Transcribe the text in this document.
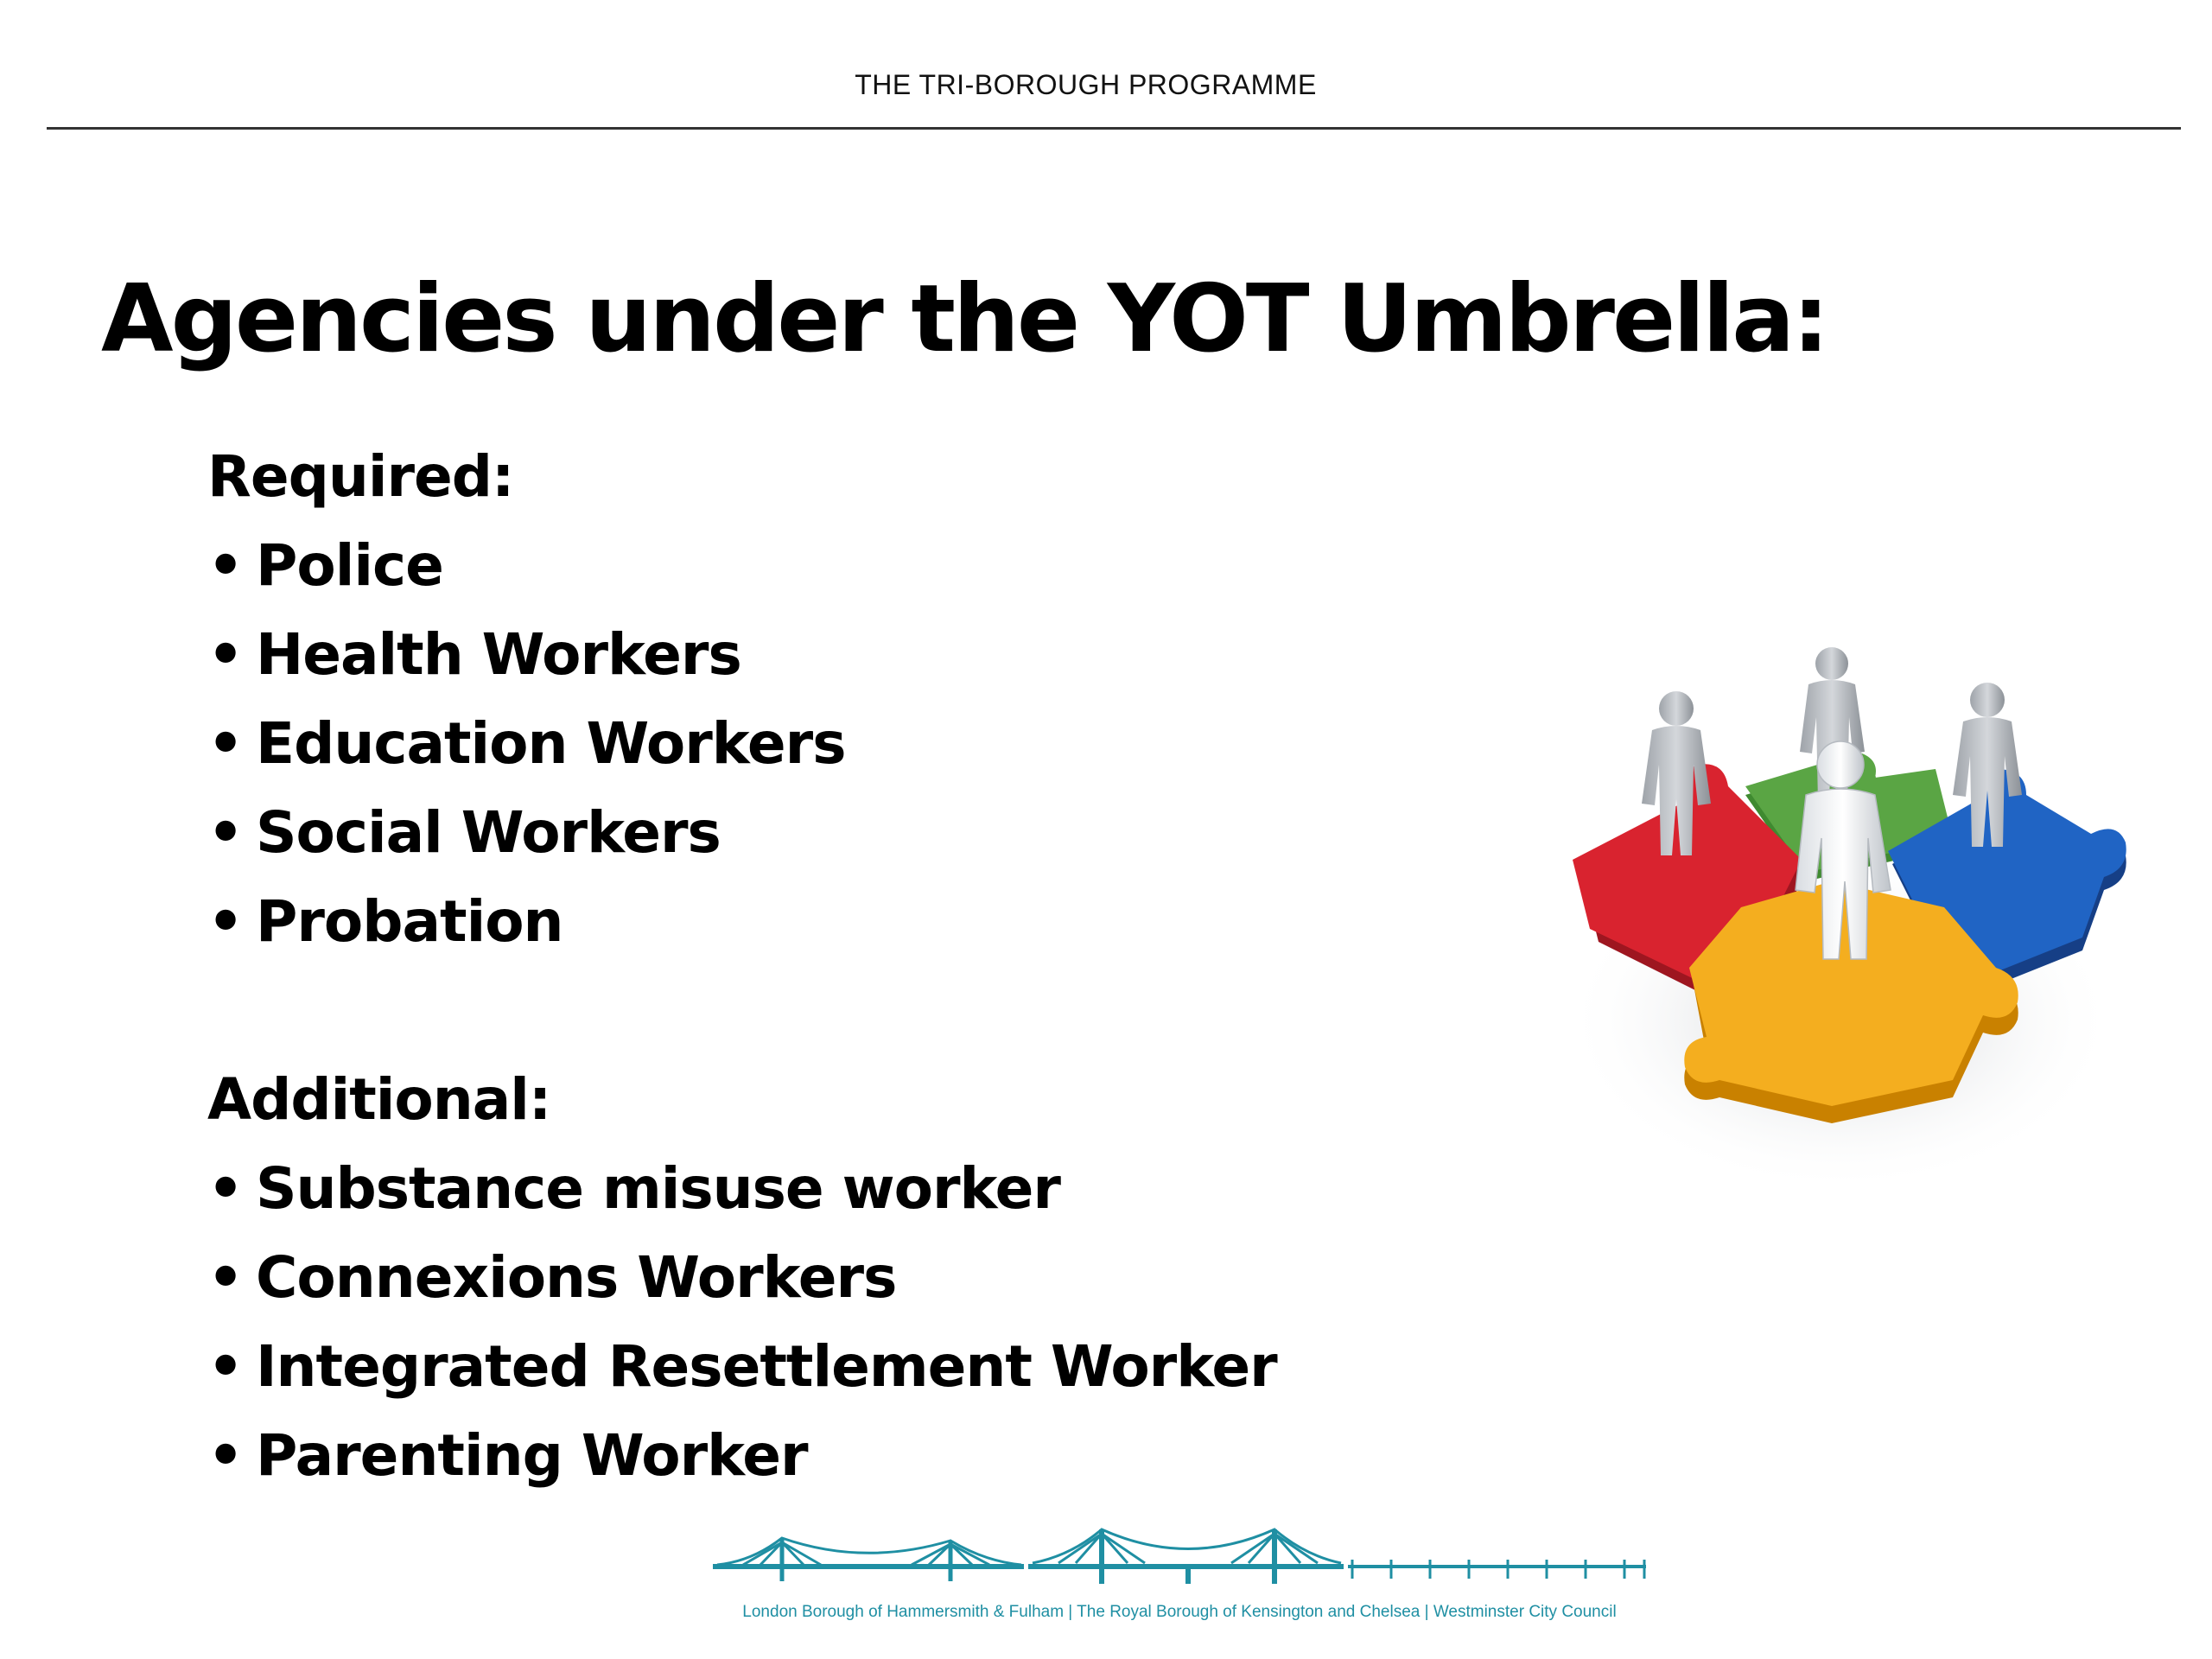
THE TRI-BOROUGH PROGRAMME
Agencies under the YOT Umbrella:
Required:
• Police
• Health Workers
• Education Workers
• Social Workers
• Probation
Additional:
• Substance misuse worker
• Connexions Workers
• Integrated Resettlement Worker
• Parenting Worker
London Borough of Hammersmith & Fulham | The Royal Borough of Kensington and Chelsea | Westminster City Council
